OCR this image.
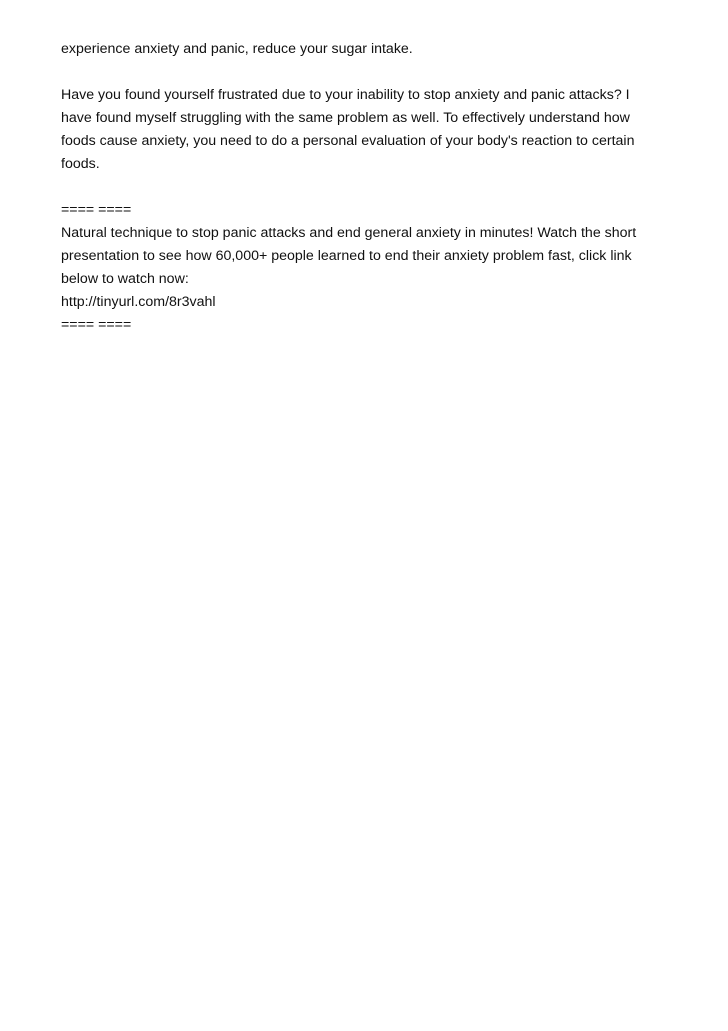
experience anxiety and panic, reduce your sugar intake.
Have you found yourself frustrated due to your inability to stop anxiety and panic attacks? I
have found myself struggling with the same problem as well. To effectively understand how
foods cause anxiety, you need to do a personal evaluation of your body's reaction to certain
foods.
==== ====
Natural technique to stop panic attacks and end general anxiety in minutes! Watch the short
presentation to see how 60,000+ people learned to end their anxiety problem fast, click link
below to watch now:
http://tinyurl.com/8r3vahl
==== ====
